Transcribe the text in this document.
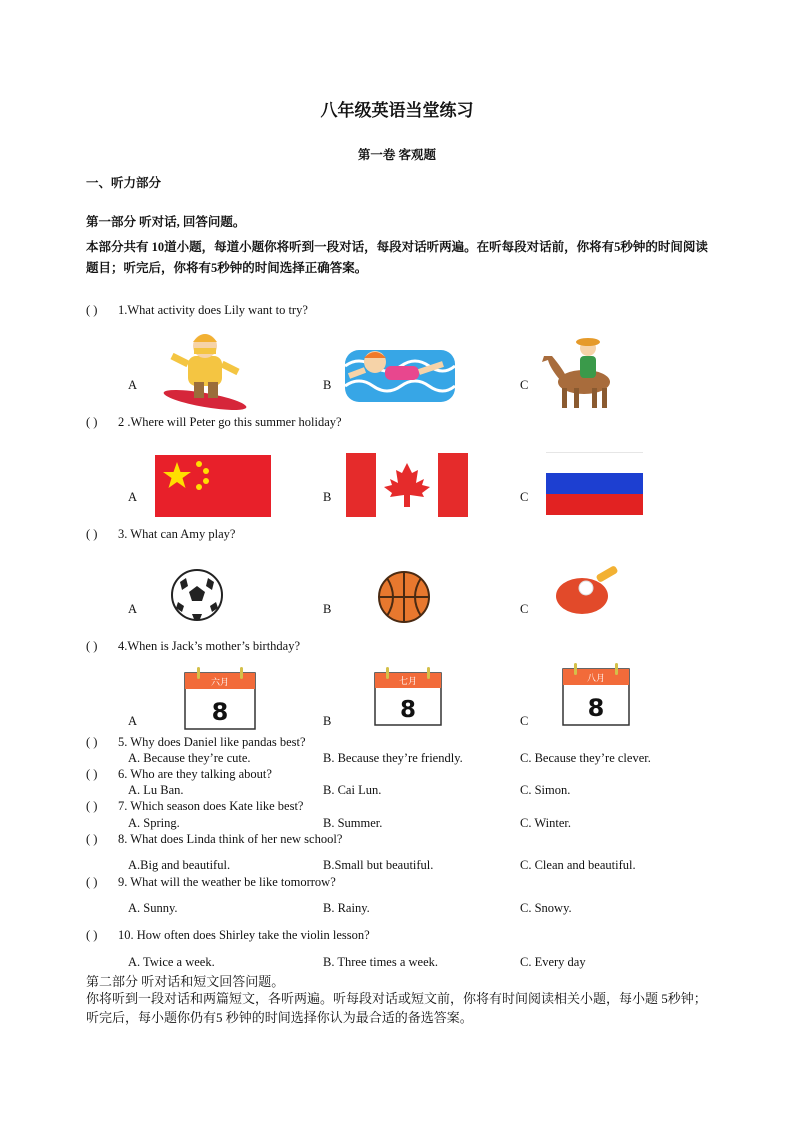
八年级英语当堂练习
第一卷 客观题
一、听力部分
第一部分 听对话, 回答问题。
本部分共有 10道小题，每道小题你将听到一段对话，每段对话听两遍。在听每段对话前，你将有5秒钟的时间阅读题目；听完后，你将有5秒钟的时间选择正确答案。
( ) 1.What activity does Lily want to try?
A	B	C
( ) 2 .Where will Peter go this summer holiday?
A	B	C
( ) 3. What can Amy play?
A	B	C
( ) 4.When is Jack’s mother’s birthday?
A	B	C
六月
8
七月
8
八月
8
( ) 5. Why does Daniel like pandas best?
A. Because they’re cute.	B. Because they’re friendly.	C. Because they’re clever.
( ) 6. Who are they talking about?
A. Lu Ban.	B. Cai Lun.	C. Simon.
( ) 7. Which season does Kate like best?
A. Spring.	B. Summer.	C. Winter.
( ) 8. What does Linda think of her new school?
A.Big and beautiful.	B.Small but beautiful.	C. Clean and beautiful.
( ) 9. What will the weather be like tomorrow?
A. Sunny.	B. Rainy.	C. Snowy.
( ) 10. How often does Shirley take the violin lesson?
A. Twice a week.	B. Three times a week.	C. Every day
第二部分 听对话和短文回答问题。
你将听到一段对话和两篇短文，各听两遍。听每段对话或短文前，你将有时间阅读相关小题，每小题 5秒钟；听完后，每小题你仍有5 秒钟的时间选择你认为最合适的备选答案。
